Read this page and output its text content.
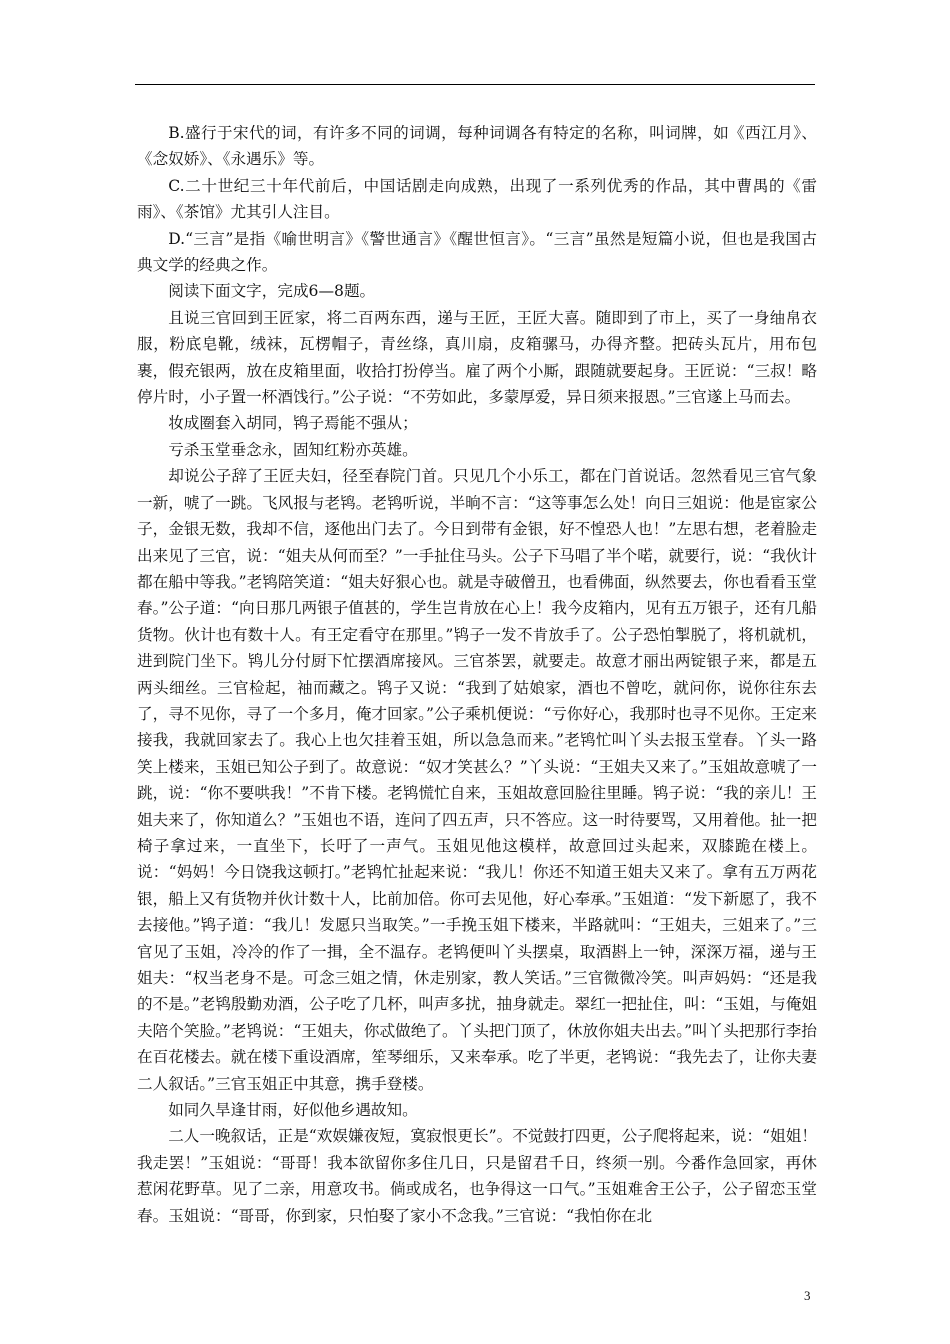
B.盛行于宋代的词，有许多不同的词调，每种词调各有特定的名称，叫词牌，如《西江月》、《念奴娇》、《永遇乐》等。

C.二十世纪三十年代前后，中国话剧走向成熟，出现了一系列优秀的作品，其中曹禺的《雷雨》、《茶馆》尤其引人注目。

D.“三言”是指《喻世明言》《警世通言》《醒世恒言》。“三言”虽然是短篇小说，但也是我国古典文学的经典之作。

阅读下面文字，完成6—8题。

且说三官回到王匠家，将二百两东西，递与王匠，王匠大喜。随即到了市上，买了一身䌷帛衣服，粉底皂靴，绒袜，瓦楞帽子，青丝绦，真川扇，皮箱骡马，办得齐整。把砖头瓦片，用布包裹，假充银两，放在皮箱里面，收拾打扮停当。雇了两个小厮，跟随就要起身。王匠说：“三叔！略停片时，小子置一杯酒饯行。”公子说：“不劳如此，多蒙厚爱，异日须来报恩。”三官遂上马而去。

妆成圈套入胡同，鸨子焉能不强从；

亏杀玉堂垂念永，固知红粉亦英雄。

却说公子辞了王匠夫妇，径至春院门首。只见几个小乐工，都在门首说话。忽然看见三官气象一新，唬了一跳。飞风报与老鸨。老鸨听说，半晌不言：“这等事怎么处！向日三姐说：他是宦家公子，金银无数，我却不信，逐他出门去了。今日到带有金银，好不惶恐人也！”左思右想，老着脸走出来见了三官，说：“姐夫从何而至？”一手扯住马头。公子下马唱了半个喏，就要行，说：“我伙计都在船中等我。”老鸨陪笑道：“姐夫好狠心也。就是寺破僧丑，也看佛面，纵然要去，你也看看玉堂春。”公子道：“向日那几两银子值甚的，学生岂肯放在心上！我今皮箱内，见有五万银子，还有几船货物。伙计也有数十人。有王定看守在那里。”鸨子一发不肯放手了。公子恐怕掣脱了，将机就机，进到院门坐下。鸨儿分付厨下忙摆酒席接风。三官茶罢，就要走。故意才丽出两锭银子来，都是五两头细丝。三官检起，袖而藏之。鸨子又说：“我到了姑娘家，酒也不曾吃，就问你，说你往东去了，寻不见你，寻了一个多月，俺才回家。”公子乘机便说：“亏你好心，我那时也寻不见你。王定来接我，我就回家去了。我心上也欠挂着玉姐，所以急急而来。”老鸨忙叫丫头去报玉堂春。丫头一路笑上楼来，玉姐已知公子到了。故意说：“奴才笑甚么？”丫头说：“王姐夫又来了。”玉姐故意唬了一跳，说：“你不要哄我！”不肯下楼。老鸨慌忙自来，玉姐故意回脸往里睡。鸨子说：“我的亲儿！王姐夫来了，你知道么？”玉姐也不语，连问了四五声，只不答应。这一时待要骂，又用着他。扯一把椅子拿过来，一直坐下，长吁了一声气。玉姐见他这模样，故意回过头起来，双膝跪在楼上。说：“妈妈！今日饶我这顿打。”老鸨忙扯起来说：“我儿！你还不知道王姐夫又来了。拿有五万两花银，船上又有货物并伙计数十人，比前加倍。你可去见他，好心奉承。”玉姐道：“发下新愿了，我不去接他。”鸨子道：“我儿！发愿只当取笑。”一手挽玉姐下楼来，半路就叫：“王姐夫，三姐来了。”三官见了玉姐，冷冷的作了一揖，全不温存。老鸨便叫丫头摆桌，取酒斟上一钟，深深万福，递与王姐夫：“权当老身不是。可念三姐之情，休走别家，教人笑话。”三官微微冷笑。叫声妈妈：“还是我的不是。”老鸨殷勤劝酒，公子吃了几杯，叫声多扰，抽身就走。翠红一把扯住，叫：“玉姐，与俺姐夫陪个笑脸。”老鸨说：“王姐夫，你忒做绝了。丫头把门顶了，休放你姐夫出去。”叫丫头把那行李抬在百花楼去。就在楼下重设酒席，笙琴细乐，又来奉承。吃了半更，老鸨说：“我先去了，让你夫妻二人叙话。”三官玉姐正中其意，携手登楼。

如同久旱逢甘雨，好似他乡遇故知。

二人一晚叙话，正是“欢娱嫌夜短，寞寂恨更长”。不觉鼓打四更，公子爬将起来，说：“姐姐！我走罢！”玉姐说：“哥哥！我本欲留你多住几日，只是留君千日，终须一别。今番作急回家，再休惹闲花野草。见了二亲，用意攻书。倘或成名，也争得这一口气。”玉姐难舍王公子，公子留恋玉堂春。玉姐说：“哥哥，你到家，只怕娶了家小不念我。”三官说：“我怕你在北

3
